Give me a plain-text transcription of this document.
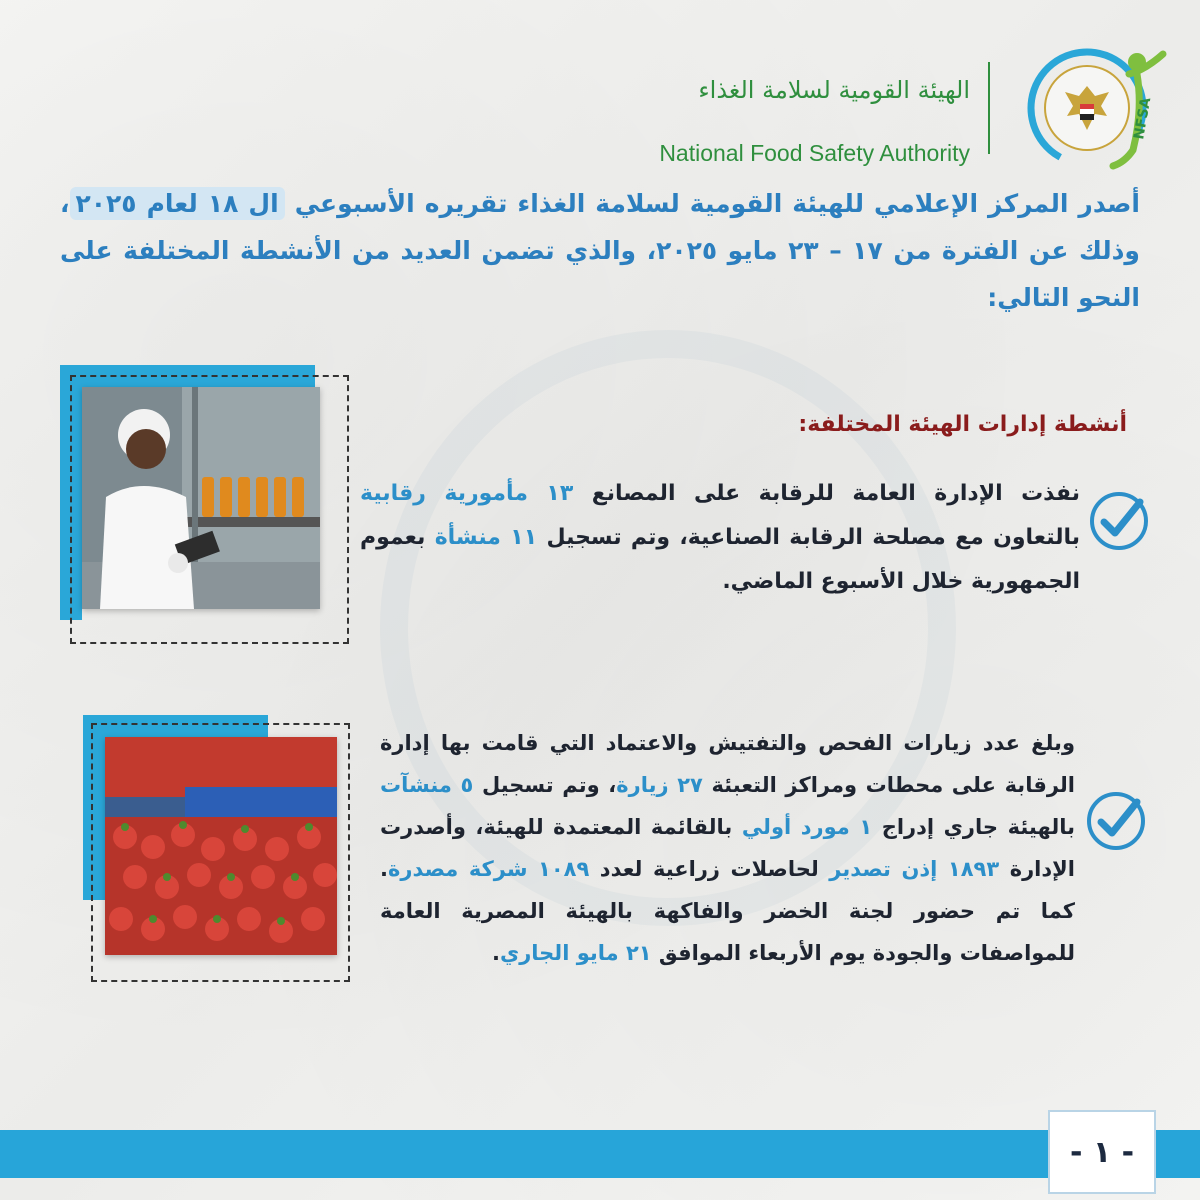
الهيئة القومية لسلامة الغذاء
National Food Safety Authority
NFSA
أصدر المركز الإعلامي للهيئة القومية لسلامة الغذاء تقريره الأسبوعي ال ١٨ لعام ٢٠٢٥، وذلك عن الفترة من ١٧ – ٢٣ مايو ٢٠٢٥، والذي تضمن العديد من الأنشطة المختلفة على النحو التالي:
أنشطة إدارات الهيئة المختلفة:
نفذت الإدارة العامة للرقابة على المصانع ١٣ مأمورية رقابية بالتعاون مع مصلحة الرقابة الصناعية، وتم تسجيل ١١ منشأة بعموم الجمهورية خلال الأسبوع الماضي.
وبلغ عدد زيارات الفحص والتفتيش والاعتماد التي قامت بها إدارة الرقابة على محطات ومراكز التعبئة ٢٧ زيارة، وتم تسجيل ٥ منشآت بالهيئة جاري إدراج ١ مورد أولي بالقائمة المعتمدة للهيئة، وأصدرت الإدارة ١٨٩٣ إذن تصدير لحاصلات زراعية لعدد ١٠٨٩ شركة مصدرة. كما تم حضور لجنة الخضر والفاكهة بالهيئة المصرية العامة للمواصفات والجودة يوم الأربعاء الموافق ٢١ مايو الجاري.
- ١ -
